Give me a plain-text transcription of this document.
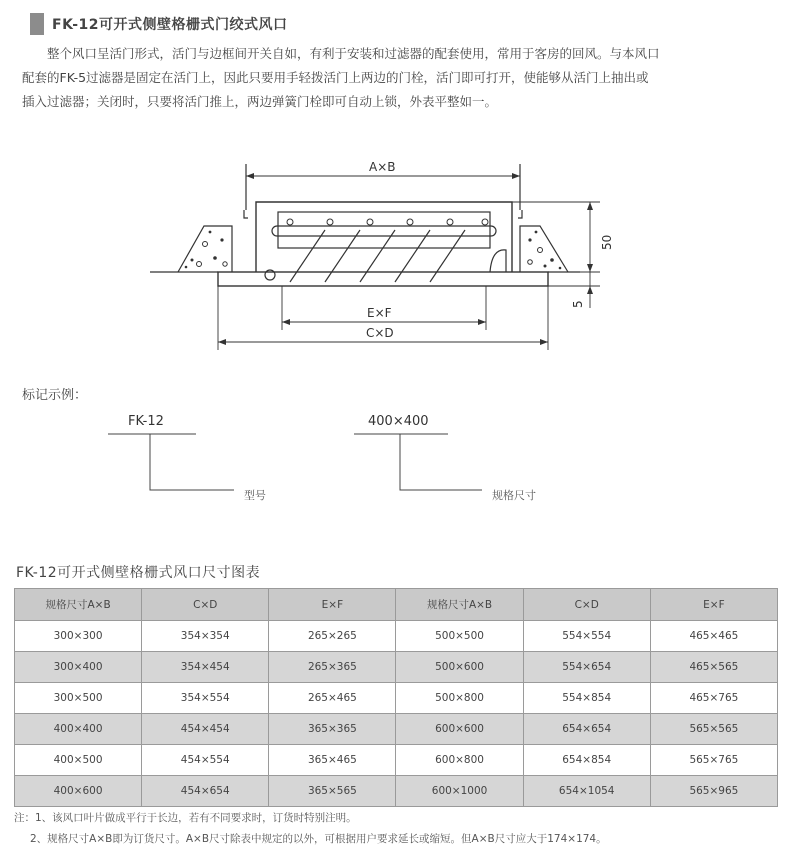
FK-12可开式侧壁格栅式门绞式风口

整个风口呈活门形式，活门与边框间开关自如，有利于安装和过滤器的配套使用，常用于客房的回风。与本风口

配套的FK-5过滤器是固定在活门上，因此只要用手轻拨活门上两边的门栓，活门即可打开，使能够从活门上抽出或
插入过滤器；关闭时，只要将活门推上，两边弹簧门栓即可自动上锁，外表平整如一。
A×B
E×F
C×D
50
5
标记示例：
FK-12	400×400
型号	规格尺寸
FK-12可开式侧壁格栅式风口尺寸图表
规格尺寸A×B	C×D	E×F	规格尺寸A×B	C×D	E×F
300×300	354×354	265×265	500×500	554×554	465×465
300×400	354×454	265×365	500×600	554×654	465×565
300×500	354×554	265×465	500×800	554×854	465×765
400×400	454×454	365×365	600×600	654×654	565×565
400×500	454×554	365×465	600×800	654×854	565×765
400×600	454×654	365×565	600×1000	654×1054	565×965
注：1、该风口叶片做成平行于长边，若有不同要求时，订货时特别注明。
2、规格尺寸A×B即为订货尺寸。A×B尺寸除表中规定的以外，可根据用户要求延长或缩短。但A×B尺寸应大于174×174。
